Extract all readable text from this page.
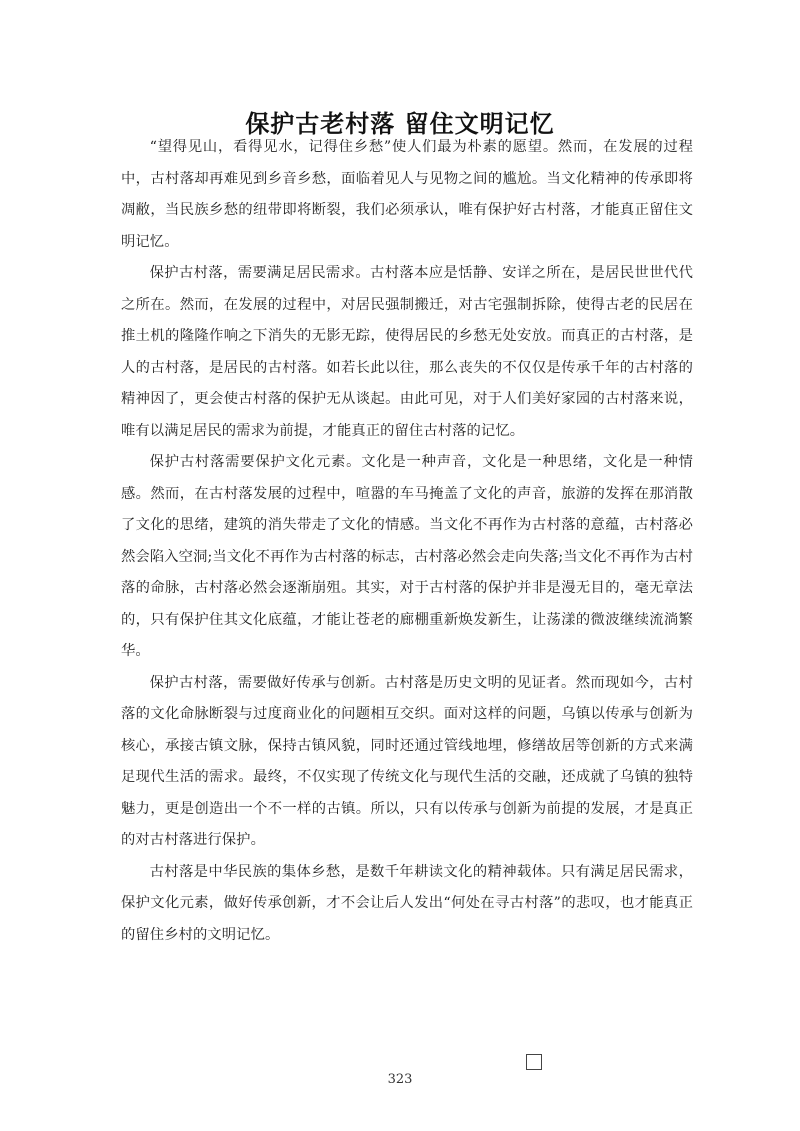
保护古老村落 留住文明记忆

“望得见山，看得见水，记得住乡愁”使人们最为朴素的愿望。然而，在发展的过程中，古村落却再难见到乡音乡愁，面临着见人与见物之间的尴尬。当文化精神的传承即将凋敝，当民族乡愁的纽带即将断裂，我们必须承认，唯有保护好古村落，才能真正留住文明记忆。

保护古村落，需要满足居民需求。古村落本应是恬静、安详之所在，是居民世世代代之所在。然而，在发展的过程中，对居民强制搬迁，对古宅强制拆除，使得古老的民居在推土机的隆隆作响之下消失的无影无踪，使得居民的乡愁无处安放。而真正的古村落，是人的古村落，是居民的古村落。如若长此以往，那么丧失的不仅仅是传承千年的古村落的精神因了，更会使古村落的保护无从谈起。由此可见，对于人们美好家园的古村落来说，唯有以满足居民的需求为前提，才能真正的留住古村落的记忆。

保护古村落需要保护文化元素。文化是一种声音，文化是一种思绪，文化是一种情感。然而，在古村落发展的过程中，喧嚣的车马掩盖了文化的声音，旅游的发挥在那消散了文化的思绪，建筑的消失带走了文化的情感。当文化不再作为古村落的意蕴，古村落必然会陷入空洞;当文化不再作为古村落的标志，古村落必然会走向失落;当文化不再作为古村落的命脉，古村落必然会逐渐崩殂。其实，对于古村落的保护并非是漫无目的，毫无章法的，只有保护住其文化底蕴，才能让苍老的廊棚重新焕发新生，让荡漾的微波继续流淌繁华。

保护古村落，需要做好传承与创新。古村落是历史文明的见证者。然而现如今，古村落的文化命脉断裂与过度商业化的问题相互交织。面对这样的问题，乌镇以传承与创新为核心，承接古镇文脉，保持古镇风貌，同时还通过管线地埋，修缮故居等创新的方式来满足现代生活的需求。最终，不仅实现了传统文化与现代生活的交融，还成就了乌镇的独特魅力，更是创造出一个不一样的古镇。所以，只有以传承与创新为前提的发展，才是真正的对古村落进行保护。

古村落是中华民族的集体乡愁，是数千年耕读文化的精神载体。只有满足居民需求，保护文化元素，做好传承创新，才不会让后人发出“何处在寻古村落”的悲叹，也才能真正的留住乡村的文明记忆。

323
